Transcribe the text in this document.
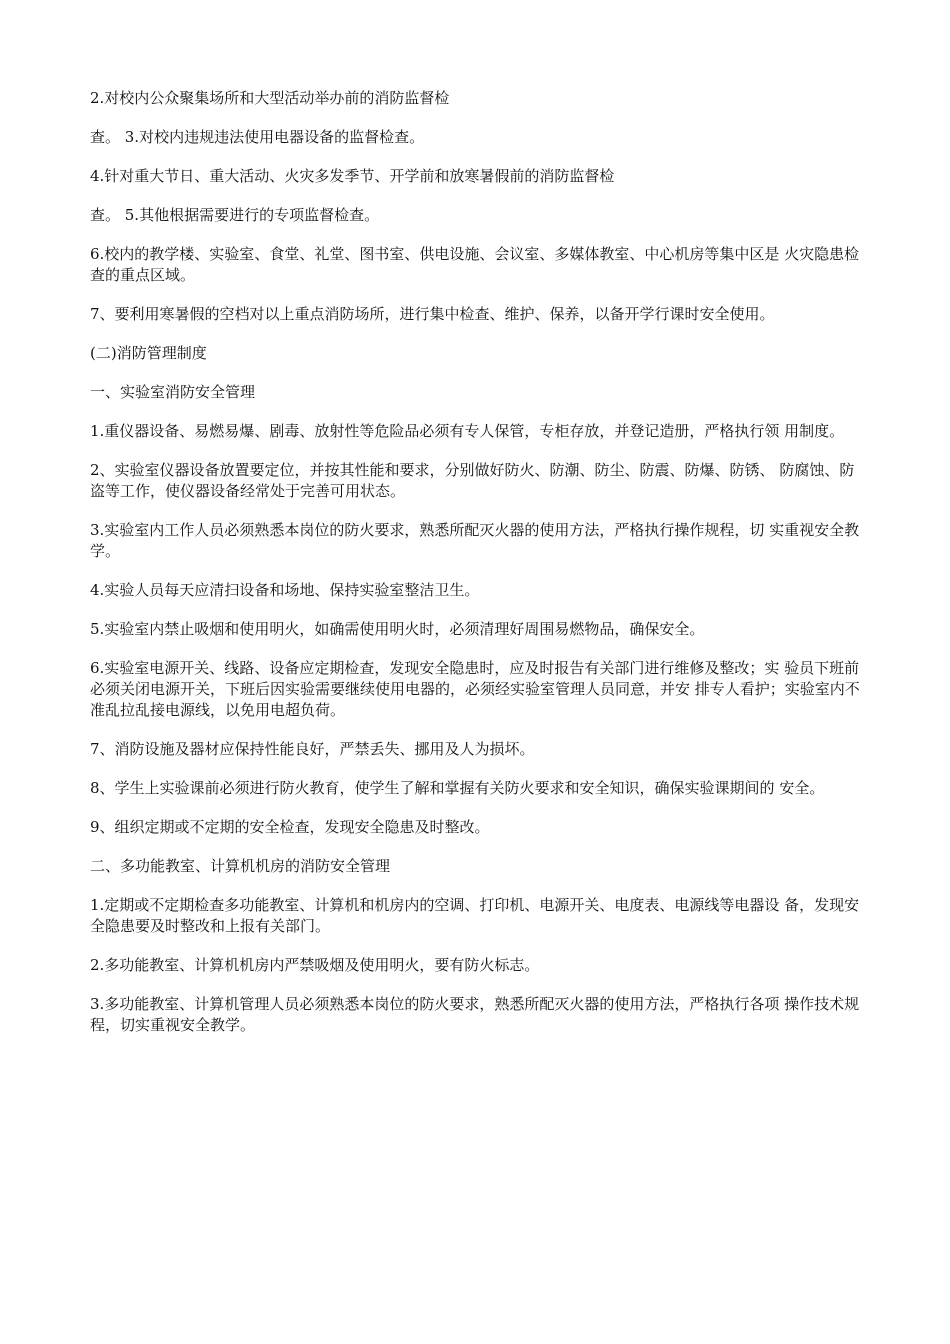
2.对校内公众聚集场所和大型活动举办前的消防监督检

查。 3.对校内违规违法使用电器设备的监督检查。

4.针对重大节日、重大活动、火灾多发季节、开学前和放寒暑假前的消防监督检

查。 5.其他根据需要进行的专项监督检查。

6.校内的教学楼、实验室、食堂、礼堂、图书室、供电设施、会议室、多媒体教室、中心机房等集中区是 火灾隐患检查的重点区域。

7、要利用寒暑假的空档对以上重点消防场所，进行集中检查、维护、保养，以备开学行课时安全使用。

(二)消防管理制度

一、实验室消防安全管理

1.重仪器设备、易燃易爆、剧毒、放射性等危险品必须有专人保管，专柜存放，并登记造册，严格执行领 用制度。

2、实验室仪器设备放置要定位，并按其性能和要求，分别做好防火、防潮、防尘、防震、防爆、防锈、 防腐蚀、防盗等工作，使仪器设备经常处于完善可用状态。

3.实验室内工作人员必须熟悉本岗位的防火要求，熟悉所配灭火器的使用方法，严格执行操作规程，切 实重视安全教学。

4.实验人员每天应清扫设备和场地、保持实验室整洁卫生。

5.实验室内禁止吸烟和使用明火，如确需使用明火时，必须清理好周围易燃物品，确保安全。

6.实验室电源开关、线路、设备应定期检查，发现安全隐患时，应及时报告有关部门进行维修及整改；实 验员下班前必须关闭电源开关，下班后因实验需要继续使用电器的，必须经实验室管理人员同意，并安 排专人看护；实验室内不准乱拉乱接电源线，以免用电超负荷。

7、消防设施及器材应保持性能良好，严禁丢失、挪用及人为损坏。

8、学生上实验课前必须进行防火教育，使学生了解和掌握有关防火要求和安全知识，确保实验课期间的 安全。

9、组织定期或不定期的安全检查，发现安全隐患及时整改。

二、多功能教室、计算机机房的消防安全管理

1.定期或不定期检查多功能教室、计算机和机房内的空调、打印机、电源开关、电度表、电源线等电器设 备，发现安全隐患要及时整改和上报有关部门。

2.多功能教室、计算机机房内严禁吸烟及使用明火，要有防火标志。

3.多功能教室、计算机管理人员必须熟悉本岗位的防火要求，熟悉所配灭火器的使用方法，严格执行各项 操作技术规程，切实重视安全教学。
